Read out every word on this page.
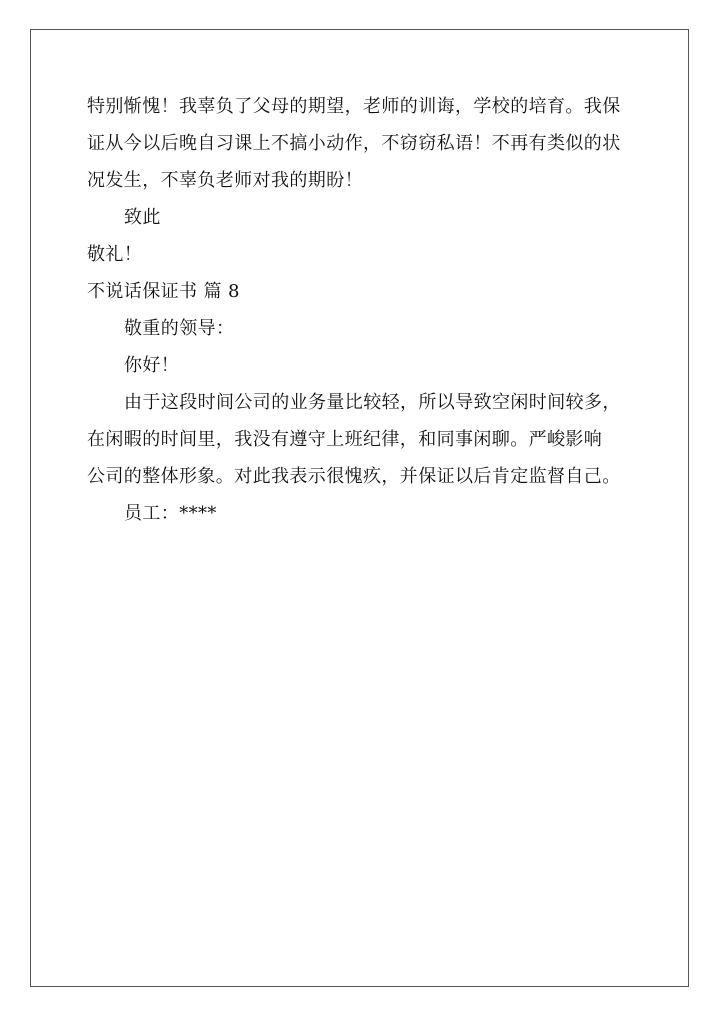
特别惭愧！我辜负了父母的期望，老师的训诲，学校的培育。我保
证从今以后晚自习课上不搞小动作，不窃窃私语！不再有类似的状
况发生，不辜负老师对我的期盼！
致此
敬礼！
不说话保证书 篇 8
敬重的领导：
你好！
由于这段时间公司的业务量比较轻，所以导致空闲时间较多，
在闲暇的时间里，我没有遵守上班纪律，和同事闲聊。严峻影响
公司的整体形象。对此我表示很愧疚，并保证以后肯定监督自己。
员工：****
